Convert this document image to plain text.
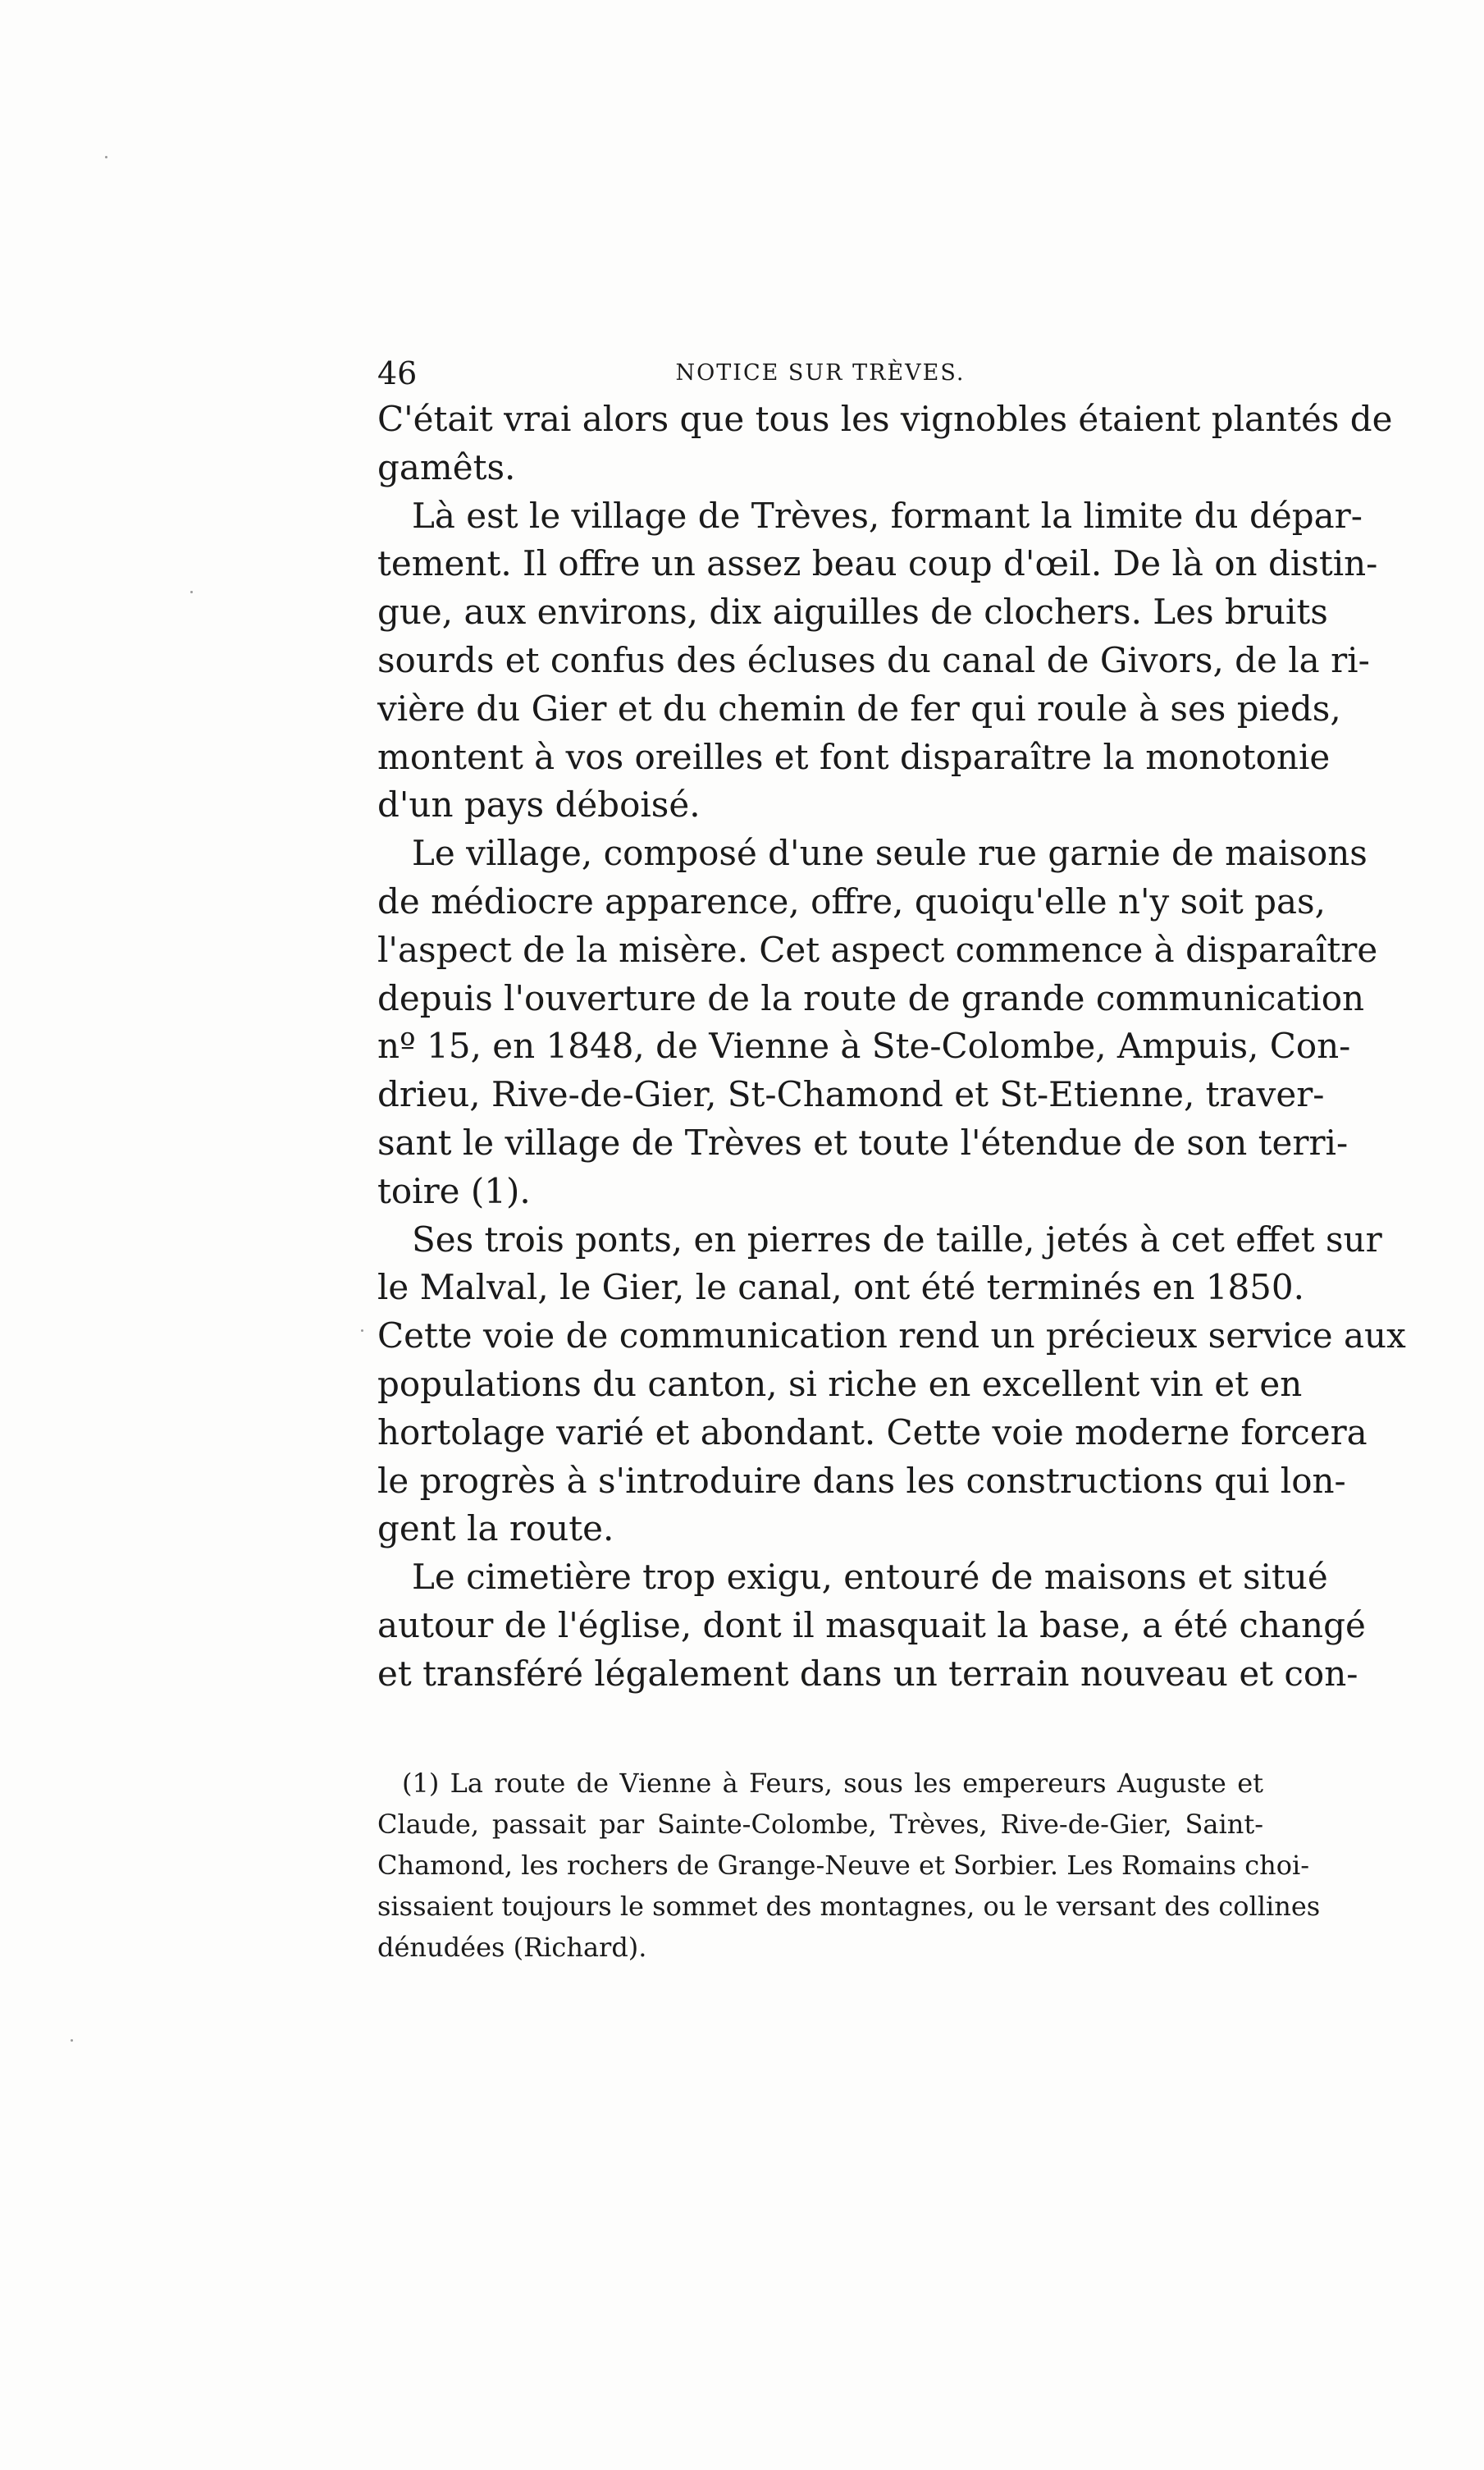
46	NOTICE SUR TRÈVES.

C'était vrai alors que tous les vignobles étaient plantés de
gamêts.

Là est le village de Trèves, formant la limite du dépar-
tement. Il offre un assez beau coup d'œil. De là on distin-
gue, aux environs, dix aiguilles de clochers. Les bruits
sourds et confus des écluses du canal de Givors, de la ri-
vière du Gier et du chemin de fer qui roule à ses pieds,
montent à vos oreilles et font disparaître la monotonie
d'un pays déboisé.

Le village, composé d'une seule rue garnie de maisons
de médiocre apparence, offre, quoiqu'elle n'y soit pas,
l'aspect de la misère. Cet aspect commence à disparaître
depuis l'ouverture de la route de grande communication
nº 15, en 1848, de Vienne à Ste-Colombe, Ampuis, Con-
drieu, Rive-de-Gier, St-Chamond et St-Etienne, traver-
sant le village de Trèves et toute l'étendue de son terri-
toire (1).

Ses trois ponts, en pierres de taille, jetés à cet effet sur
le Malval, le Gier, le canal, ont été terminés en 1850.
Cette voie de communication rend un précieux service aux
populations du canton, si riche en excellent vin et en
hortolage varié et abondant. Cette voie moderne forcera
le progrès à s'introduire dans les constructions qui lon-
gent la route.

Le cimetière trop exigu, entouré de maisons et situé
autour de l'église, dont il masquait la base, a été changé
et transféré légalement dans un terrain nouveau et con-

(1) La route de Vienne à Feurs, sous les empereurs Auguste et
Claude, passait par Sainte-Colombe, Trèves, Rive-de-Gier, Saint-
Chamond, les rochers de Grange-Neuve et Sorbier. Les Romains choi-
sissaient toujours le sommet des montagnes, ou le versant des collines
dénudées (Richard).
